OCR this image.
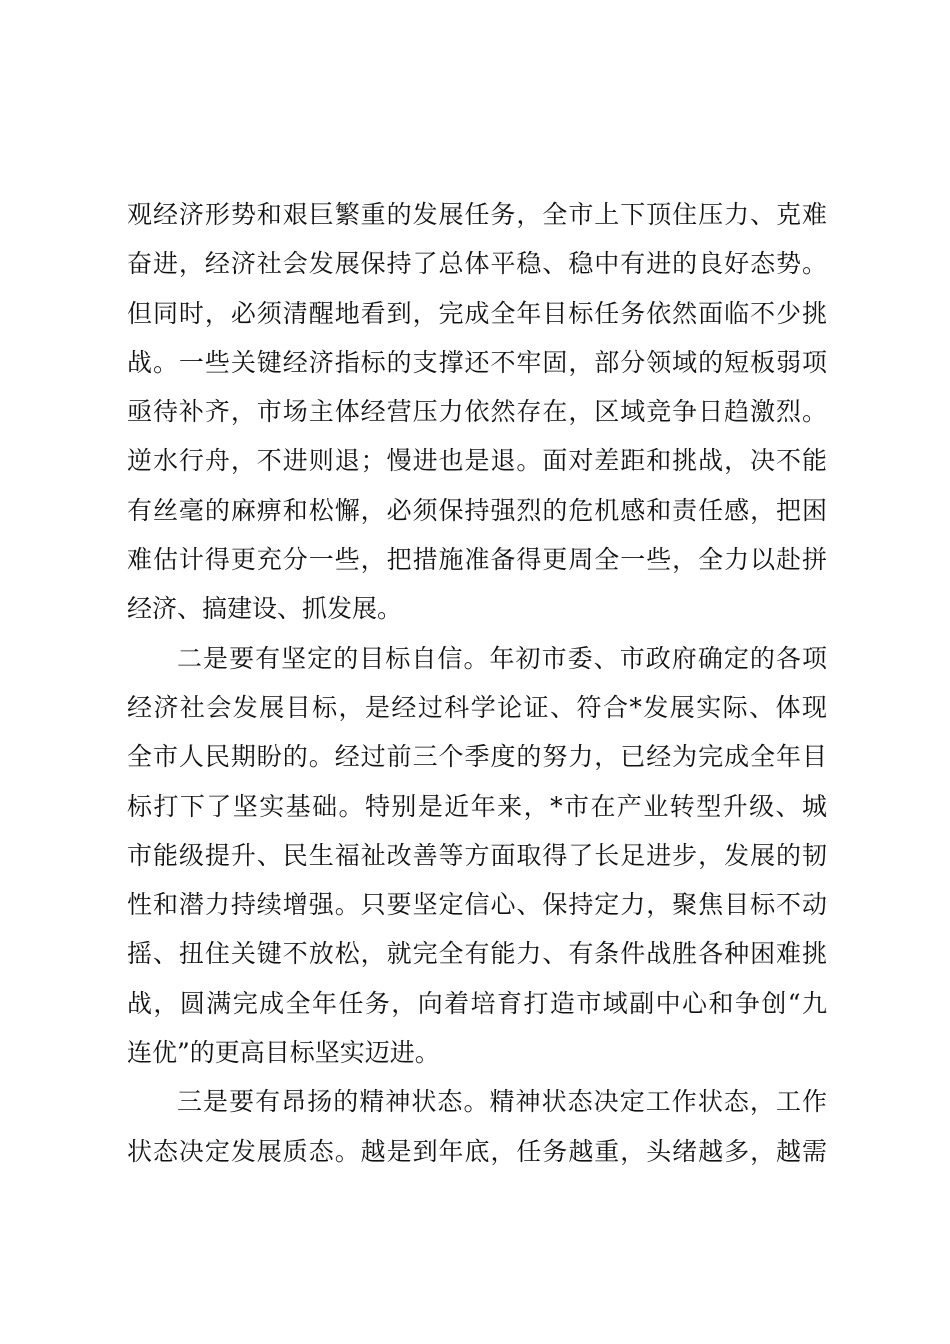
观经济形势和艰巨繁重的发展任务，全市上下顶住压力、克难
奋进，经济社会发展保持了总体平稳、稳中有进的良好态势。
但同时，必须清醒地看到，完成全年目标任务依然面临不少挑
战。一些关键经济指标的支撑还不牢固，部分领域的短板弱项
亟待补齐，市场主体经营压力依然存在，区域竞争日趋激烈。
逆水行舟，不进则退；慢进也是退。面对差距和挑战，决不能
有丝毫的麻痹和松懈，必须保持强烈的危机感和责任感，把困
难估计得更充分一些，把措施准备得更周全一些，全力以赴拼
经济、搞建设、抓发展。
二是要有坚定的目标自信。年初市委、市政府确定的各项
经济社会发展目标，是经过科学论证、符合*发展实际、体现
全市人民期盼的。经过前三个季度的努力，已经为完成全年目
标打下了坚实基础。特别是近年来，*市在产业转型升级、城
市能级提升、民生福祉改善等方面取得了长足进步，发展的韧
性和潜力持续增强。只要坚定信心、保持定力，聚焦目标不动
摇、扭住关键不放松，就完全有能力、有条件战胜各种困难挑
战，圆满完成全年任务，向着培育打造市域副中心和争创“九
连优”的更高目标坚实迈进。
三是要有昂扬的精神状态。精神状态决定工作状态，工作
状态决定发展质态。越是到年底，任务越重，头绪越多，越需
